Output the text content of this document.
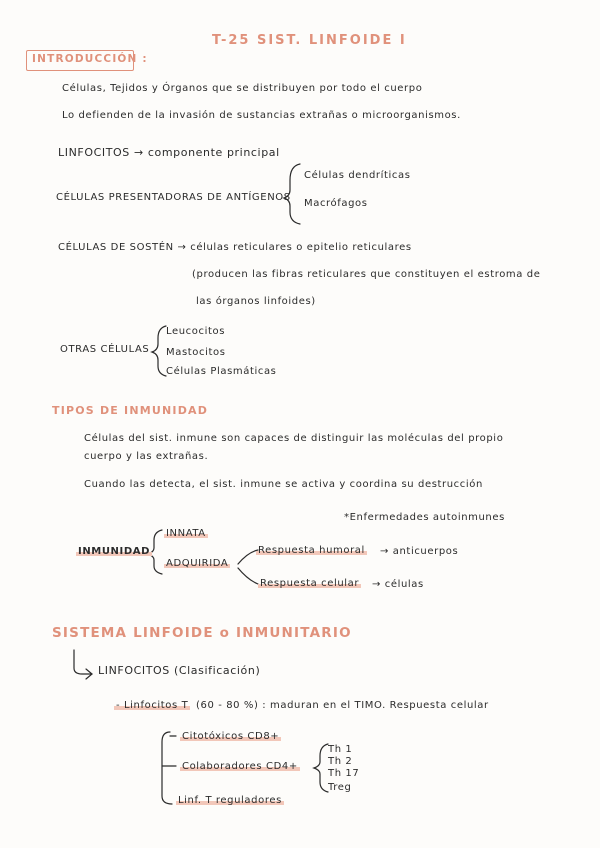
T-25 SIST. LINFOIDE I
INTRODUCCIÓN :
Células, Tejidos y Órganos que se distribuyen por todo el cuerpo
Lo defienden de la invasión de sustancias extrañas o microorganismos.
LINFOCITOS → componente principal
CÉLULAS PRESENTADORAS DE ANTÍGENOS
Células dendríticas
Macrófagos
CÉLULAS DE SOSTÉN → células reticulares o epitelio reticulares
(producen las fibras reticulares que constituyen el estroma de
las órganos linfoides)
OTRAS CÉLULAS
Leucocitos
Mastocitos
Células Plasmáticas
TIPOS DE INMUNIDAD
Células del sist. inmune son capaces de distinguir las moléculas del propio
cuerpo y las extrañas.
Cuando las detecta, el sist. inmune se activa y coordina su destrucción
*Enfermedades autoinmunes
INMUNIDAD
INNATA
ADQUIRIDA
Respuesta humoral → anticuerpos
Respuesta celular → células
SISTEMA LINFOIDE o INMUNITARIO
LINFOCITOS (Clasificación)
- Linfocitos T (60 - 80 %) : maduran en el TIMO. Respuesta celular
Citotóxicos CD8+
Colaboradores CD4+
Linf. T reguladores
Th 1
Th 2
Th 17
Treg
